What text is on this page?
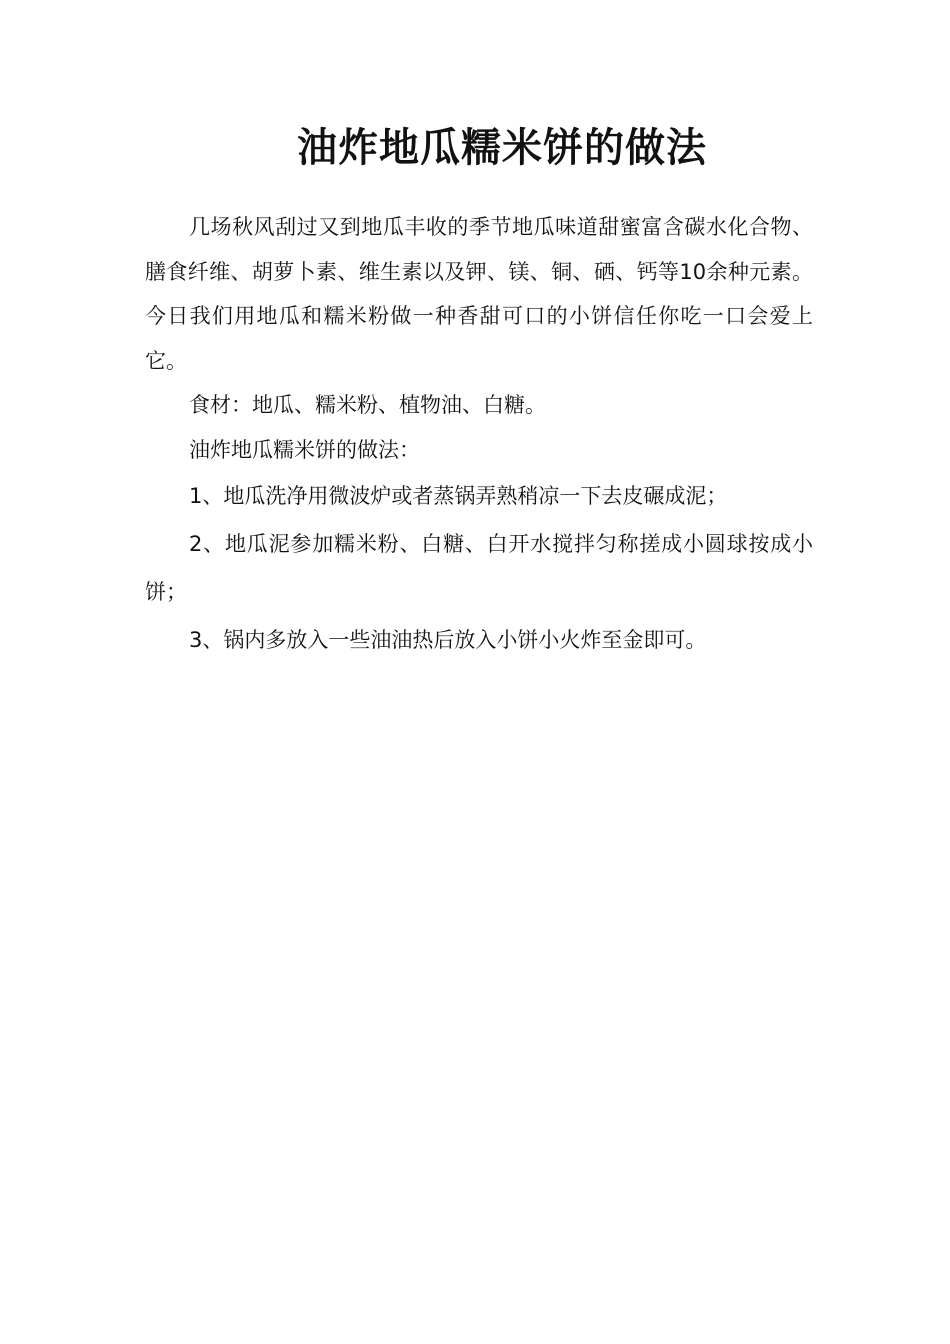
油炸地瓜糯米饼的做法

几场秋风刮过又到地瓜丰收的季节地瓜味道甜蜜富含碳水化合物、膳食纤维、胡萝卜素、维生素以及钾、镁、铜、硒、钙等10余种元素。今日我们用地瓜和糯米粉做一种香甜可口的小饼信任你吃一口会爱上它。

食材：地瓜、糯米粉、植物油、白糖。

油炸地瓜糯米饼的做法：

1、地瓜洗净用微波炉或者蒸锅弄熟稍凉一下去皮碾成泥；

2、地瓜泥参加糯米粉、白糖、白开水搅拌匀称搓成小圆球按成小饼；

3、锅内多放入一些油油热后放入小饼小火炸至金即可。
